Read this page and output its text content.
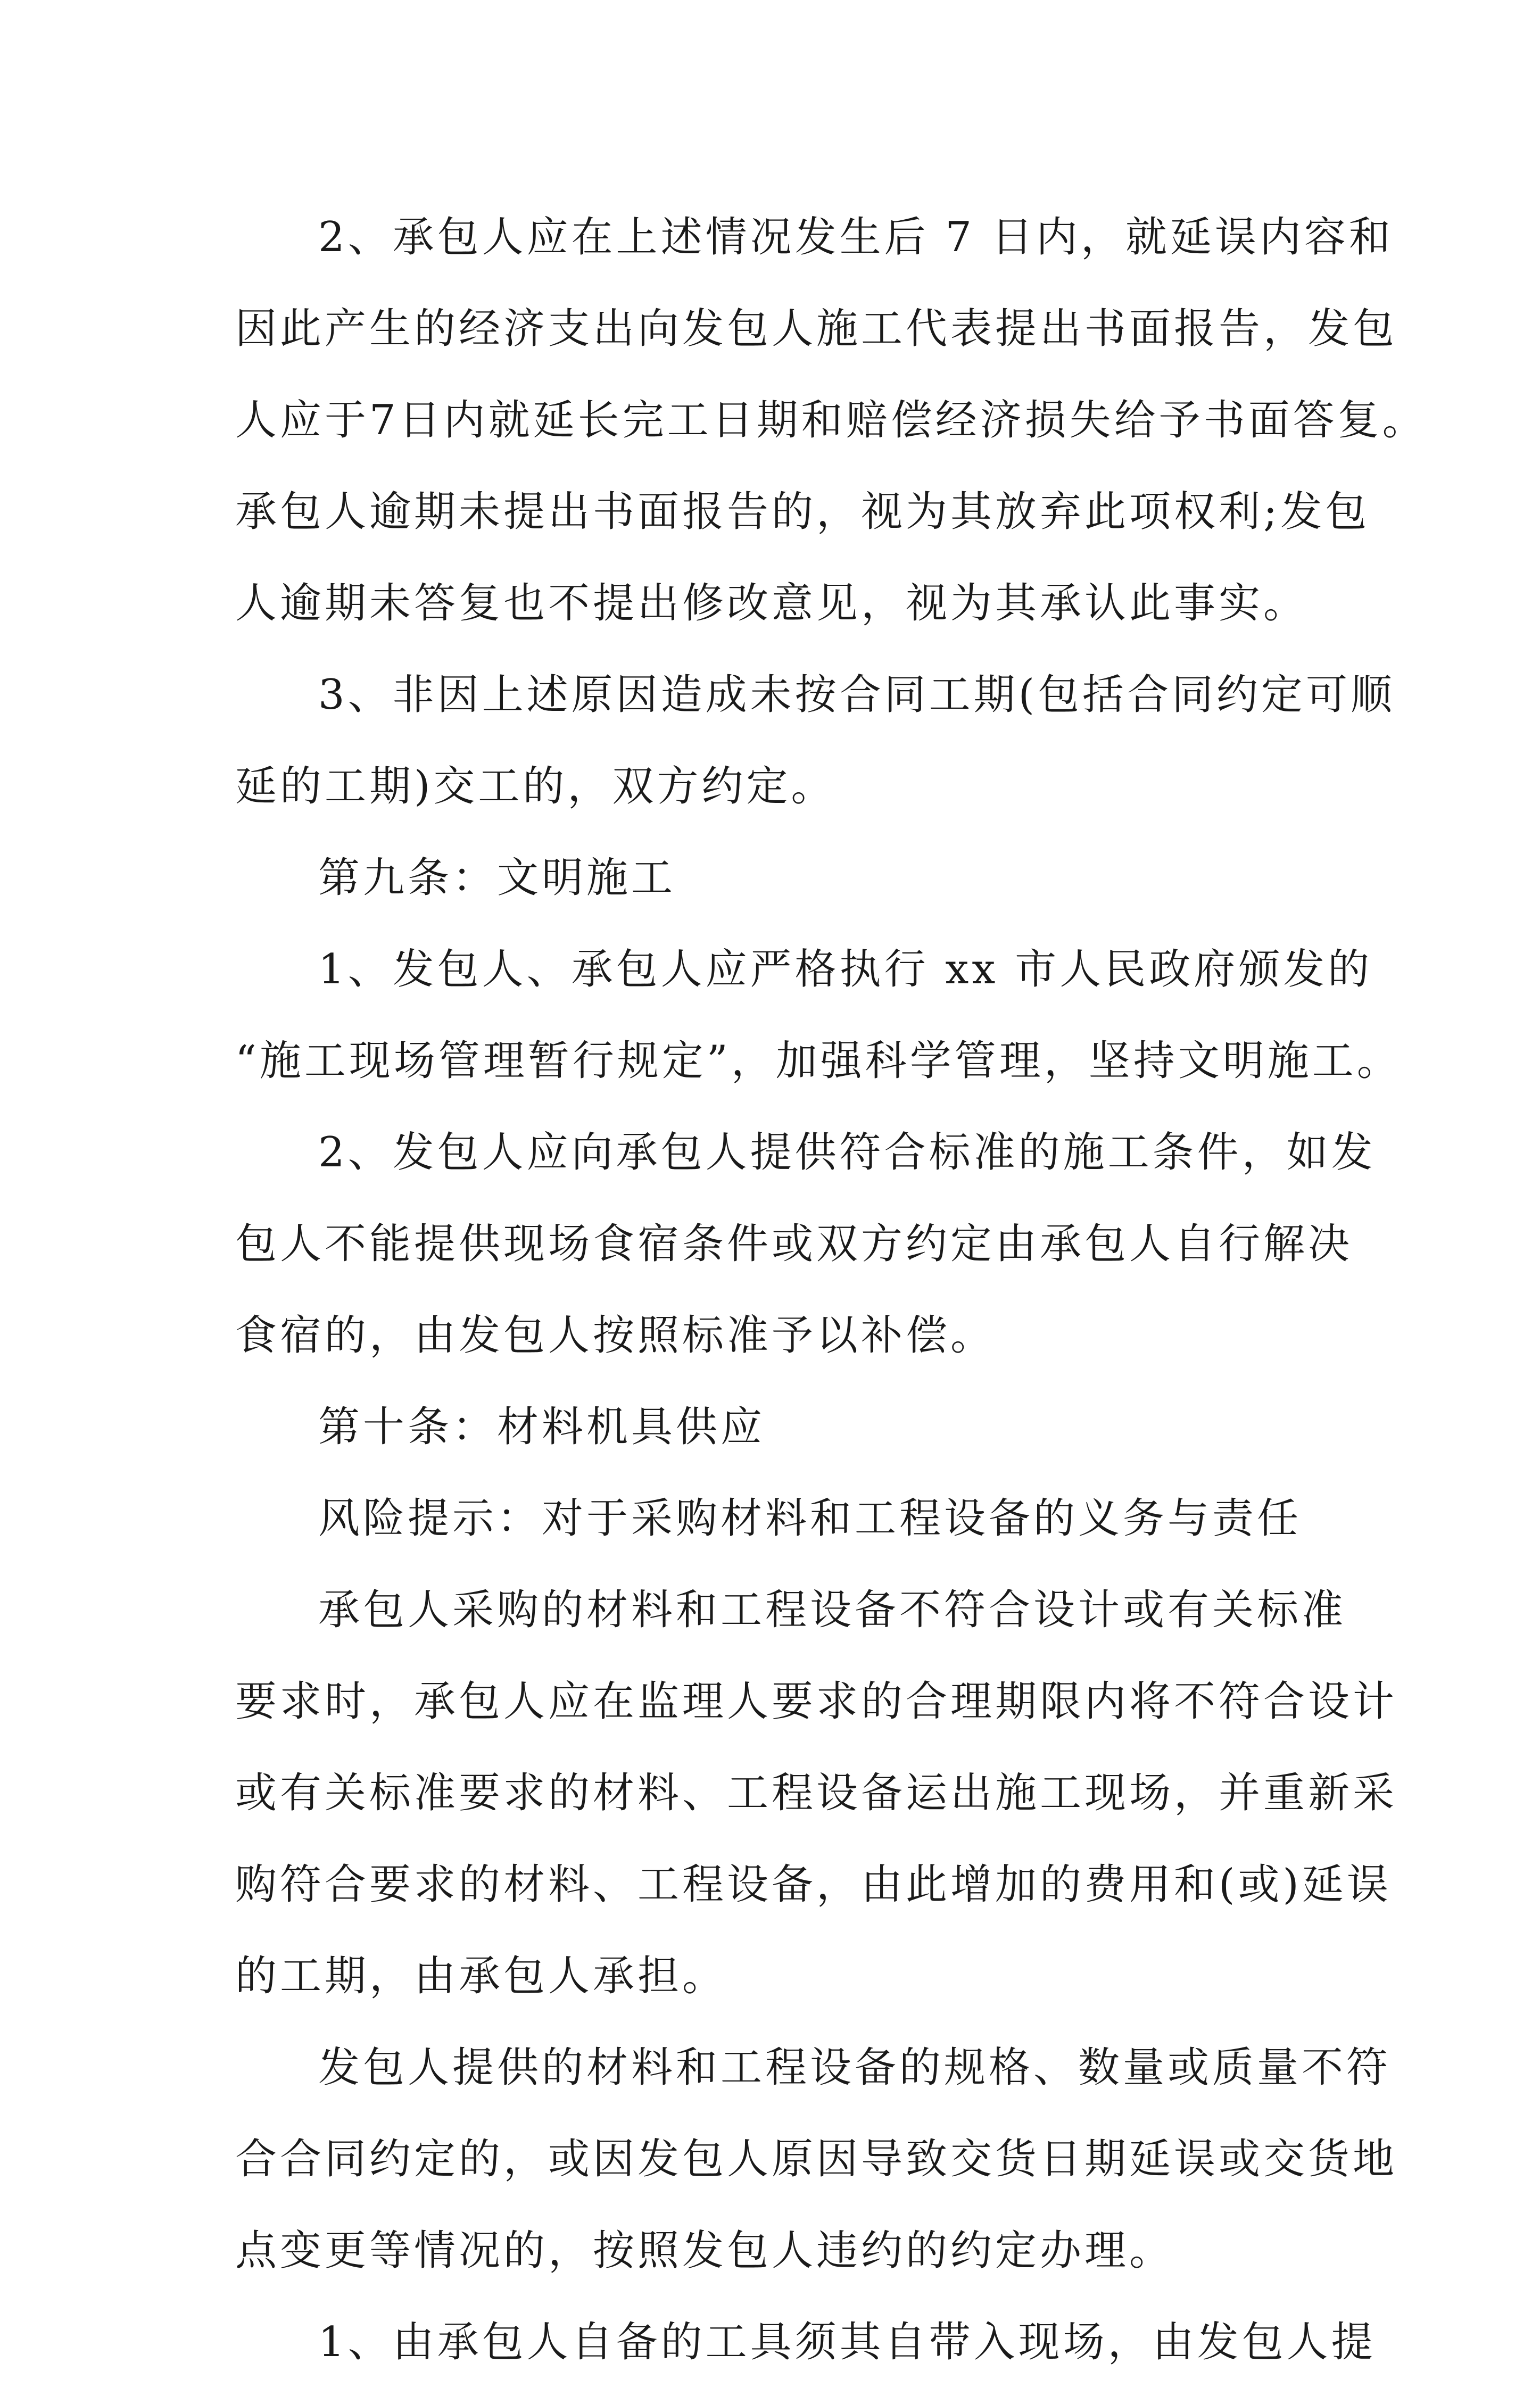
2、承包人应在上述情况发生后 7 日内，就延误内容和
因此产生的经济支出向发包人施工代表提出书面报告，发包
人应于7日内就延长完工日期和赔偿经济损失给予书面答复。
承包人逾期未提出书面报告的，视为其放弃此项权利;发包
人逾期未答复也不提出修改意见，视为其承认此事实。
3、非因上述原因造成未按合同工期(包括合同约定可顺
延的工期)交工的，双方约定。
第九条：文明施工
1、发包人、承包人应严格执行 xx 市人民政府颁发的
“施工现场管理暂行规定”，加强科学管理，坚持文明施工。
2、发包人应向承包人提供符合标准的施工条件，如发
包人不能提供现场食宿条件或双方约定由承包人自行解决
食宿的，由发包人按照标准予以补偿。
第十条：材料机具供应
风险提示：对于采购材料和工程设备的义务与责任
承包人采购的材料和工程设备不符合设计或有关标准
要求时，承包人应在监理人要求的合理期限内将不符合设计
或有关标准要求的材料、工程设备运出施工现场，并重新采
购符合要求的材料、工程设备，由此增加的费用和(或)延误
的工期，由承包人承担。
发包人提供的材料和工程设备的规格、数量或质量不符
合合同约定的，或因发包人原因导致交货日期延误或交货地
点变更等情况的，按照发包人违约的约定办理。
1、由承包人自备的工具须其自带入现场，由发包人提
